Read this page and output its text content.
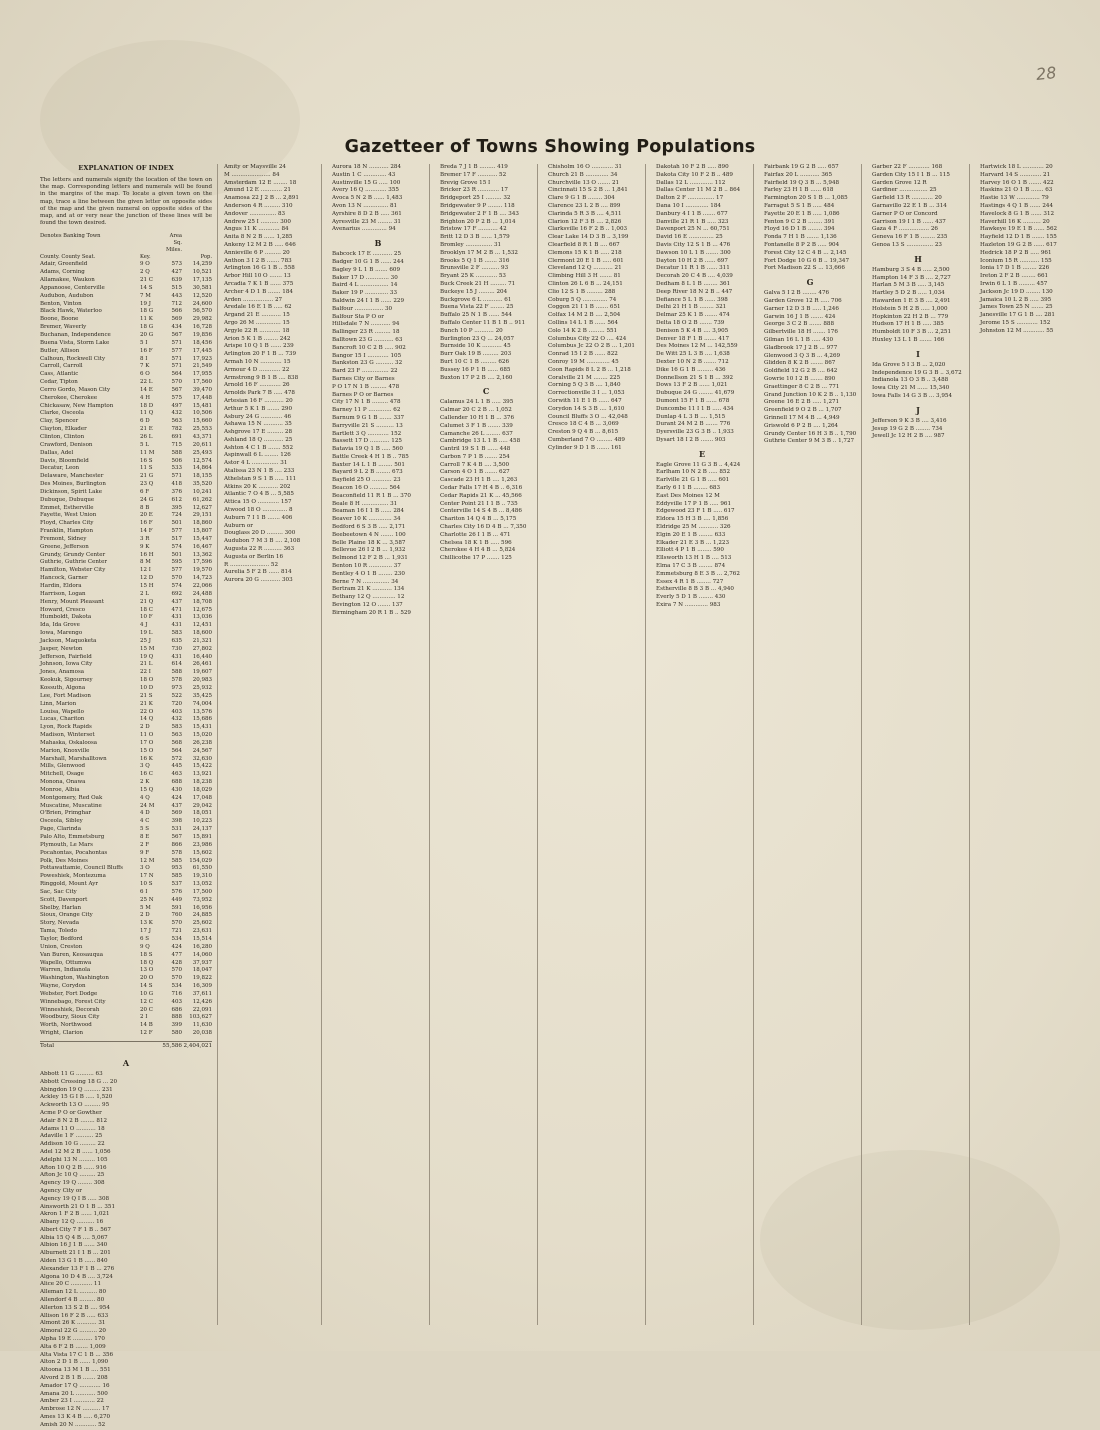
28
Gazetteer of Towns Showing Populations
EXPLANATION OF INDEX
The letters and numerals signify the location of the town on the map. Corresponding letters and numerals will be found in the margins of the map. To locate a given town on the map, trace a line between the given letter on opposite sides of the map and the given numeral on opposite sides of the map, and at or very near the junction of these lines will be found the town desired.
Denotes Banking Town	Area Sq. Miles.
County. County Seat.	Key.	Pop.
Adair, Greenfield	9 O	573	14,259
Adams, Corning	2 Q	427	10,521
Allamakee, Waukon	21 C	639	17,135
Appanoose, Centerville	14 S	515	30,581
Audubon, Audubon	7 M	443	12,520
Benton, Vinton	19 J	712	24,600
Black Hawk, Waterloo	18 G	566	56,570
Boone, Boone	11 K	569	29,982
Bremer, Waverly	18 G	434	16,728
Buchanan, Independence	20 G	567	19,856
Buena Vista, Storm Lake	5 I	571	18,456
Butler, Allison	16 F	577	17,445
Calhoun, Rockwell City	8 I	571	17,923
Carroll, Carroll	7 K	571	21,549
Cass, Atlantic	6 O	564	17,955
Cedar, Tipton	22 L	570	17,560
Cerro Gordo, Mason City	14 E	567	39,470
Cherokee, Cherokee	4 H	575	17,448
Chickasaw, New Hampton	18 D	497	15,481
Clarke, Osceola	11 Q	432	10,506
Clay, Spencer	6 D	563	15,660
Clayton, Elkader	21 E	782	25,553
Clinton, Clinton	26 L	691	43,371
Crawford, Denison	5 L	715	20,611
Dallas, Adel	11 M	588	25,493
Davis, Bloomfield	16 S	506	12,574
Decatur, Leon	11 S	533	14,864
Delaware, Manchester	21 G	571	18,155
Des Moines, Burlington	23 Q	418	35,520
Dickinson, Spirit Lake	6 F	376	10,241
Dubuque, Dubuque	24 G	612	61,262
Emmet, Estherville	8 B	395	12,627
Fayette, West Union	20 E	724	29,151
Floyd, Charles City	16 F	501	18,860
Franklin, Hampton	14 F	577	15,807
Fremont, Sidney	3 R	517	15,447
Greene, Jefferson	9 K	574	16,467
Grundy, Grundy Center	16 H	501	13,362
Guthrie, Guthrie Center	8 M	595	17,596
Hamilton, Webster City	12 I	577	19,570
Hancock, Garner	12 D	570	14,723
Hardin, Eldora	15 H	574	22,066
Harrison, Logan	2 L	692	24,488
Henry, Mount Pleasant	21 Q	437	18,708
Howard, Cresco	18 C	471	12,675
Humboldt, Dakota	10 F	431	13,036
Ida, Ida Grove	4 J	431	12,451
Iowa, Marengo	19 L	583	18,600
Jackson, Maquoketa	25 J	635	21,321
Jasper, Newton	15 M	730	27,802
Jefferson, Fairfield	19 Q	431	16,440
Johnson, Iowa City	21 L	614	26,461
Jones, Anamosa	22 I	588	19,607
Keokuk, Sigourney	18 O	578	20,983
Kossuth, Algona	10 D	973	25,932
Lee, Fort Madison	21 S	522	35,425
Linn, Marion	21 K	720	74,004
Louisa, Wapello	22 O	403	13,576
Lucas, Chariton	14 Q	432	15,686
Lyon, Rock Rapids	2 D	583	15,431
Madison, Winterset	11 O	563	15,020
Mahaska, Oskaloosa	17 O	568	26,238
Marion, Knoxville	15 O	564	24,567
Marshall, Marshalltown	16 K	572	32,630
Mills, Glenwood	3 Q	445	15,422
Mitchell, Osage	16 C	463	13,921
Monona, Onawa	2 K	688	18,238
Monroe, Albia	15 Q	430	18,029
Montgomery, Red Oak	4 Q	424	17,048
Muscatine, Muscatine	24 M	437	29,042
O'Brien, Primghar	4 D	569	18,051
Osceola, Sibley	4 C	398	10,223
Page, Clarinda	5 S	531	24,137
Palo Alto, Emmetsburg	8 E	567	15,891
Plymouth, Le Mars	2 F	866	23,986
Pocahontas, Pocahontas	9 F	578	15,602
Polk, Des Moines	12 M	585	154,029
Pottawattamie, Council Bluffs	3 O	953	61,550
Poweshiek, Montezuma	17 N	585	19,310
Ringgold, Mount Ayr	10 S	537	13,052
Sac, Sac City	6 I	576	17,500
Scott, Davenport	25 N	449	73,952
Shelby, Harlan	5 M	591	16,956
Sioux, Orange City	2 D	760	24,885
Story, Nevada	13 K	570	25,602
Tama, Toledo	17 J	721	23,631
Taylor, Bedford	6 S	534	15,514
Union, Creston	9 Q	424	16,280
Van Buren, Keosauqua	18 S	477	14,060
Wapello, Ottumwa	18 Q	428	37,937
Warren, Indianola	13 O	570	18,047
Washington, Washington	20 O	570	19,822
Wayne, Corydon	14 S	534	16,309
Webster, Fort Dodge	10 G	716	37,611
Winnebago, Forest City	12 C	403	12,426
Winneshiek, Decorah	20 C	686	22,091
Woodbury, Sioux City	2 I	888	103,627
Worth, Northwood	14 B	399	11,630
Wright, Clarion	12 F	580	20,038
Total	55,586 2,404,021
A
Abbott 11 G .......... 63
Abbott Crossing 18 G ... 20
Abingdon 19 Q ......... 231
Ackley 15 G I B ..... 1,520
Ackworth 13 O ......... 95
Acme P O or Gowther
Adair 8 N 2 B ........ 812
Adams 11 O ........... 18
Adaville 1 F .......... 25
Addison 10 G ......... 22
Adel 12 M 2 B ...... 1,056
Adelphi 13 N ......... 105
Afton 10 Q 2 B ...... 916
Afton Jc 10 Q ......... 25
Agency 19 Q ........ 308
Agency City or
Agency 19 Q I B ..... 308
Ainsworth 21 O 1 B ... 351
Akron 1 F 2 B ...... 1,021
Albany 12 Q .......... 16
Albert City 7 F 1 B .. 567
Albia 15 Q 4 B .... 5,067
Albion 16 J 1 B ...... 340
Alburnett 21 I 1 B ... 201
Alden 13 G 1 B ...... 840
Alexander 13 F 1 B ... 276
Algona 10 D 4 B .... 3,724
Alice 20 C ............ 11
Alleman 12 L .......... 80
Allendorf 4 B ......... 80
Allerton 13 S 2 B .... 954
Allison 16 F 2 B ..... 633
Almont 26 K ........... 31
Almoral 22 G .......... 20
Alpha 19 E ........... 170
Alta 6 F 2 B ....... 1,009
Alta Vista 17 C 1 B ... 356
Alton 2 D 1 B ...... 1,090
Altoona 13 M 1 B .... 551
Alvord 2 B 1 B ....... 208
Amador 17 Q ............ 16
Amana 20 L ........... 500
Amber 23 I ............ 22
Ambrose 12 N .......... 17
Ames 13 K 4 B ..... 6,270
Amish 20 N ............ 52
Amity or Maysville 24
M ...................... 84
Amsterdam 12 E ........ 18
Amund 12 E ............ 21
Anamosa 22 J 2 B ... 2,891
Anderson 4 R ......... 310
Andover ............... 83
Andrew 25 I .......... 300
Angus 11 K ............ 84
Anita 8 N 2 B ...... 1,285
Ankeny 12 M 2 B ..... 646
Annieville 6 P ......... 20
Anthon 3 I 2 B ....... 783
Arlington 16 G 1 B .. 558
Arbor Hill 10 O ....... 13
Arcadia 7 K 1 B ...... 375
Archer 4 D 1 B ....... 184
Arden ................. 27
Aredale 16 E 1 B ..... 62
Argand 21 E ........... 15
Argo 26 M .............. 15
Argyle 22 R ............ 18
Arion 5 K 1 B ........ 242
Arispe 10 Q 1 B ...... 239
Arlington 20 F 1 B ... 739
Armah 10 N ............ 15
Armour 4 D ............ 22
Armstrong 9 B 1 B .... 838
Arnold 16 F ............ 26
Arnolds Park 7 B ..... 478
Artesian 16 F ........... 20
Arthur 5 K 1 B ....... 290
Asbury 24 G ............ 46
Ashawa 15 N ........... 35
Ashgrove 17 E ......... 28
Ashland 18 Q ........... 25
Ashton 4 C 1 B ....... 552
Aspinwall 6 L ........ 126
Astor 4 L ............... 31
Atalissa 23 N 1 B .... 233
Athelstan 9 S 1 B ..... 111
Atkins 20 K ........... 202
Atlantic 7 O 4 B ... 5,585
Attica 15 O ............ 157
Atwood 18 O .............. 8
Auburn 7 I 1 B ....... 406
Auburn or
Douglass 20 D ......... 300
Audubon 7 M 3 B .... 2,108
Augusta 22 R .......... 363
Augusta or Berlin 16
R ...................... 52
Aurelia 5 F 2 B ...... 814
Aurora 20 G ........... 303
Aurora 18 N ........... 284
Austin 1 C ............. 43
Austinville 15 G ..... 100
Avery 16 Q ............ 355
Avoca 5 N 2 B ...... 1,483
Avon 13 N .............. 81
Ayrshire 8 D 2 B ..... 361
Ayresville 23 M ........ 31
Avenarius .............. 94
B
Babcock 17 E ........... 25
Badger 10 G 1 B ...... 244
Bagley 9 L 1 B ....... 609
Baker 17 D ............. 30
Baird 4 L ................ 14
Baker 19 P ............. 33
Baldwin 24 I 1 B ...... 229
Balfour ................ 30
Balfour Sta P O or
Hillsdale 7 N ........... 94
Ballinger 23 R ......... 18
Balltown 23 G ........... 63
Bancroft 10 C 2 B ..... 902
Bangor 15 I ............ 105
Bankston 23 G .......... 32
Bard 23 F ............... 22
Barnes City or Barnes
P O 17 N 1 B ......... 478
Barnes P O or Barnes
City 17 N 1 B ......... 478
Barney 11 P ............. 62
Barnum 9 G 1 B ....... 337
Barryville 21 S .......... 13
Bartlett 3 Q ............ 152
Bassett 17 D ........... 125
Batavia 19 Q 1 B ..... 560
Battle Creek 4 H 1 B .. 785
Baxter 14 L 1 B ........ 501
Bayard 9 L 2 B ........ 673
Bayfield 25 O ........... 23
Beacon 16 O .......... 564
Beaconfield 11 R 1 B ... 370
Beale 8 H ............... 31
Beaman 16 I 1 B ...... 284
Beaver 10 K ............. 34
Bedford 6 S 3 B ..... 2,171
Beebeetown 4 N ....... 100
Belle Plaine 18 K ... 3,587
Bellevue 26 I 2 B ... 1,932
Belmond 12 F 2 B ... 1,931
Benton 10 R ............. 37
Bentley 4 O 1 B ........ 230
Berne 7 N ............... 34
Bertram 21 K ........... 134
Bethany 12 Q ............. 12
Bevington 12 O ....... 137
Birmingham 20 R 1 B .. 529
Breda 7 J 1 B ......... 419
Bremer 17 F ........... 52
Brevig Grove 15 I
Bricker 23 R ............ 17
Bridgeport 25 I ......... 32
Bridgewater 9 P ........ 118
Bridgewater 2 F 1 B .... 343
Brighton 20 P 2 B ... 1,014
Bristow 17 F ........... 42
Britt 12 D 3 B ...... 1,579
Bromley ............... 31
Brooklyn 17 M 2 B ... 1,532
Brooks 5 Q 1 B ....... 316
Brunsville 2 F .......... 93
Bryant 25 K ............ 53
Buck Creek 21 H ......... 71
Buckeye 15 J ......... 204
Buckgrove 6 L ........... 61
Buena Vista 22 F ........ 25
Buffalo 25 N 1 B ...... 544
Buffalo Center 11 B 1 B .. 911
Bunch 10 P ........... 20
Burlington 23 Q ... 24,057
Burnside 10 K ........... 45
Burr Oak 19 B ......... 203
Burt 10 C 1 B ......... 626
Bussey 16 P 1 B ...... 685
Buxton 17 P 2 B .... 2,160
C
Calamus 24 L 1 B ..... 395
Calmar 20 C 2 B ... 1,052
Callender 10 H 1 B ... 376
Calumet 3 F 1 B ....... 339
Camanche 26 L ........ 637
Cambridge 13 L 1 B ..... 458
Cantril 19 S 1 B ...... 448
Carbon 7 P 1 B ....... 254
Carroll 7 K 4 B .... 3,500
Carson 4 O 1 B ....... 627
Cascade 23 H 1 B .... 1,263
Cedar Falls 17 H 4 B .. 6,316
Cedar Rapids 21 K ... 45,566
Center Point 21 I 1 B .. 735
Centerville 14 S 4 B ... 8,486
Chariton 14 Q 4 B ... 5,175
Charles City 16 D 4 B ... 7,350
Charlotte 26 I 1 B ... 471
Chelsea 18 K 1 B ..... 596
Cherokee 4 H 4 B ... 5,824
Chillicothe 17 P ....... 125
Chisholm 16 O ............ 31
Church 21 B ............. 34
Churchville 13 O ....... 21
Cincinnati 15 S 2 B ... 1,841
Clare 9 G 1 B ........ 304
Clarence 23 L 2 B .... 899
Clarinda 5 R 3 B .... 4,511
Clarion 12 F 3 B .... 2,826
Clarksville 16 F 2 B .. 1,003
Clear Lake 14 D 3 B .. 3,199
Clearfield 8 R 1 B .... 667
Clemons 15 K 1 B ..... 218
Clermont 20 E 1 B ..... 601
Cleveland 12 Q ........... 21
Climbing Hill 3 H ....... 81
Clinton 26 L 6 B ... 24,151
Clio 12 S 1 B ......... 288
Coburg 5 Q .............. 74
Coggon 21 I 1 B ....... 651
Colfax 14 M 2 B .... 2,504
Collins 14 L 1 B ...... 564
Colo 14 K 2 B ......... 551
Columbus City 22 O .... 424
Columbus Jc 22 O 2 B ... 1,201
Conrad 15 I 2 B ...... 822
Conroy 19 M ............. 45
Coon Rapids 8 L 2 B ... 1,218
Coralville 21 M ........ 225
Corning 5 Q 3 B .... 1,840
Correctionville 3 I ... 1,053
Corwith 11 E 1 B ...... 647
Corydon 14 S 3 B .... 1,610
Council Bluffs 3 O ... 42,048
Cresco 18 C 4 B ... 3,069
Creston 9 Q 4 B ... 8,615
Cumberland 7 O ......... 489
Cylinder 9 D 1 B ....... 161
Dakotah 10 F 2 B ..... 890
Dakota City 10 F 2 B .. 489
Dallas 12 L ............. 112
Dallas Center 11 M 2 B .. 864
Dalton 2 F ............... 17
Dana 10 I ............. 184
Danbury 4 I 1 B ....... 677
Danville 21 R 1 B ..... 323
Davenport 25 N ... 60,751
David 16 E .............. 25
Davis City 12 S 1 B ... 476
Dawson 10 L 1 B ....... 300
Dayton 10 H 2 B ...... 697
Decatur 11 R 1 B ...... 311
Decorah 20 C 4 B .... 4,039
Dedham 8 L 1 B ........ 361
Deep River 18 N 2 B .. 447
Defiance 5 L 1 B ...... 398
Delhi 21 H 1 B ........ 321
Delmar 25 K 1 B ....... 474
Delta 18 O 2 B ....... 739
Denison 5 K 4 B .... 3,905
Denver 18 F 1 B ....... 417
Des Moines 12 M ... 142,559
De Witt 25 L 3 B .... 1,638
Dexter 10 N 2 B ....... 712
Dike 16 G 1 B ......... 436
Donnellson 21 S 1 B ... 392
Dows 13 F 2 B ...... 1,021
Dubuque 24 G ........ 41,679
Dumont 15 F 1 B ...... 678
Duncombe 11 I 1 B ..... 434
Dunlap 4 L 3 B .... 1,515
Durant 24 M 2 B ....... 776
Dyersville 23 G 3 B .. 1,933
Dysart 18 I 2 B ....... 903
E
Eagle Grove 11 G 3 B .. 4,424
Earlham 10 N 2 B ..... 852
Earlville 21 G 1 B ..... 601
Early 6 I 1 B ........ 683
East Des Moines 12 M
Eddyville 17 P 1 B ..... 961
Edgewood 23 F 1 B ..... 617
Eldora 15 H 3 B .... 1,856
Eldridge 25 M ........... 326
Elgin 20 E 1 B ........ 633
Elkader 21 E 3 B ... 1,223
Elliott 4 P 1 B ........ 590
Ellsworth 13 H 1 B .... 513
Elma 17 C 3 B ........ 874
Emmetsburg 8 E 3 B ... 2,762
Essex 4 R 1 B ........ 727
Estherville 8 B 3 B ... 4,940
Everly 5 D 1 B ........ 430
Exira 7 N ............. 983
Fairbank 19 G 2 B ..... 657
Fairfax 20 L ........... 365
Fairfield 19 Q 3 B ... 5,948
Farley 23 H 1 B ...... 618
Farmington 20 S 1 B ... 1,085
Farragut 5 S 1 B ..... 484
Fayette 20 E 1 B ..... 1,086
Fenton 9 C 2 B ........ 391
Floyd 16 D 1 B ........ 394
Fonda 7 H 1 B ....... 1,136
Fontanelle 8 P 2 B ..... 904
Forest City 12 C 4 B ... 2,145
Fort Dodge 10 G 6 B .. 19,347
Fort Madison 22 S ... 13,666
G
Galva 5 I 2 B ........ 476
Garden Grove 12 R ..... 706
Garner 12 D 3 B ..... 1,246
Garwin 16 J 1 B ....... 424
George 3 C 2 B ....... 888
Gilbertville 18 H ....... 176
Gilman 16 L 1 B ..... 430
Gladbrook 17 J 2 B ... 977
Glenwood 3 Q 3 B ... 4,269
Glidden 8 K 2 B ....... 867
Goldfield 12 G 2 B .... 642
Gowrie 10 I 2 B ....... 890
Graettinger 8 C 2 B ... 771
Grand Junction 10 K 2 B .. 1,130
Greene 16 E 2 B ..... 1,271
Greenfield 9 O 2 B ... 1,707
Grinnell 17 M 4 B ... 4,949
Griswold 6 P 2 B .... 1,264
Grundy Center 16 H 3 B .. 1,790
Guthrie Center 9 M 3 B .. 1,727
Garber 22 F ............ 168
Garden City 15 I 1 B ... 115
Garden Grove 12 R
Gardiner ................ 25
Garfield 13 R ............ 20
Garnavillo 22 E 1 B ... 314
Garner P O or Concord
Garrison 19 I 1 B ...... 437
Gaza 4 F ................. 26
Geneva 16 F 1 B ........ 235
Genoa 13 S ............... 23
H
Hamburg 3 S 4 B ..... 2,500
Hampton 14 F 3 B .... 2,727
Harlan 5 M 3 B ..... 3,145
Hartley 5 D 2 B ..... 1,034
Hawarden 1 E 3 B .... 2,491
Holstein 5 H 2 B ..... 1,000
Hopkinton 22 H 2 B ... 779
Hudson 17 H 1 B ..... 385
Humboldt 10 F 3 B ... 2,251
Huxley 13 L 1 B ....... 166
I
Ida Grove 5 I 3 B ... 2,020
Independence 19 G 3 B .. 3,672
Indianola 13 O 3 B .. 3,488
Iowa City 21 M ...... 15,340
Iowa Falls 14 G 3 B ... 3,954
J
Jefferson 9 K 3 B .... 3,416
Jesup 19 G 2 B ........ 734
Jewell Jc 12 H 2 B .... 987
Hartwick 18 L ............ 20
Harvard 14 S ............ 21
Harvey 16 O 1 B ....... 422
Haskins 21 O 1 B ....... 63
Hastie 13 W ............. 79
Hastings 4 Q 1 B ...... 244
Havelock 8 G 1 B ...... 312
Haverhill 16 K .......... 20
Hawkeye 19 E 1 B ...... 562
Hayfield 12 D 1 B ....... 155
Hazleton 19 G 2 B ...... 617
Hedrick 18 P 2 B ..... 961
Iconium 15 R ........... 155
Ionia 17 D 1 B ........ 226
Ireton 2 F 2 B ........ 661
Irwin 6 L 1 B ......... 457
Jackson Jc 19 D ........ 130
Jamaica 10 L 2 B ..... 395
James Town 25 N ....... 25
Janesville 17 G 1 B .... 281
Jerome 15 S ............ 152
Johnston 12 M ............ 55
